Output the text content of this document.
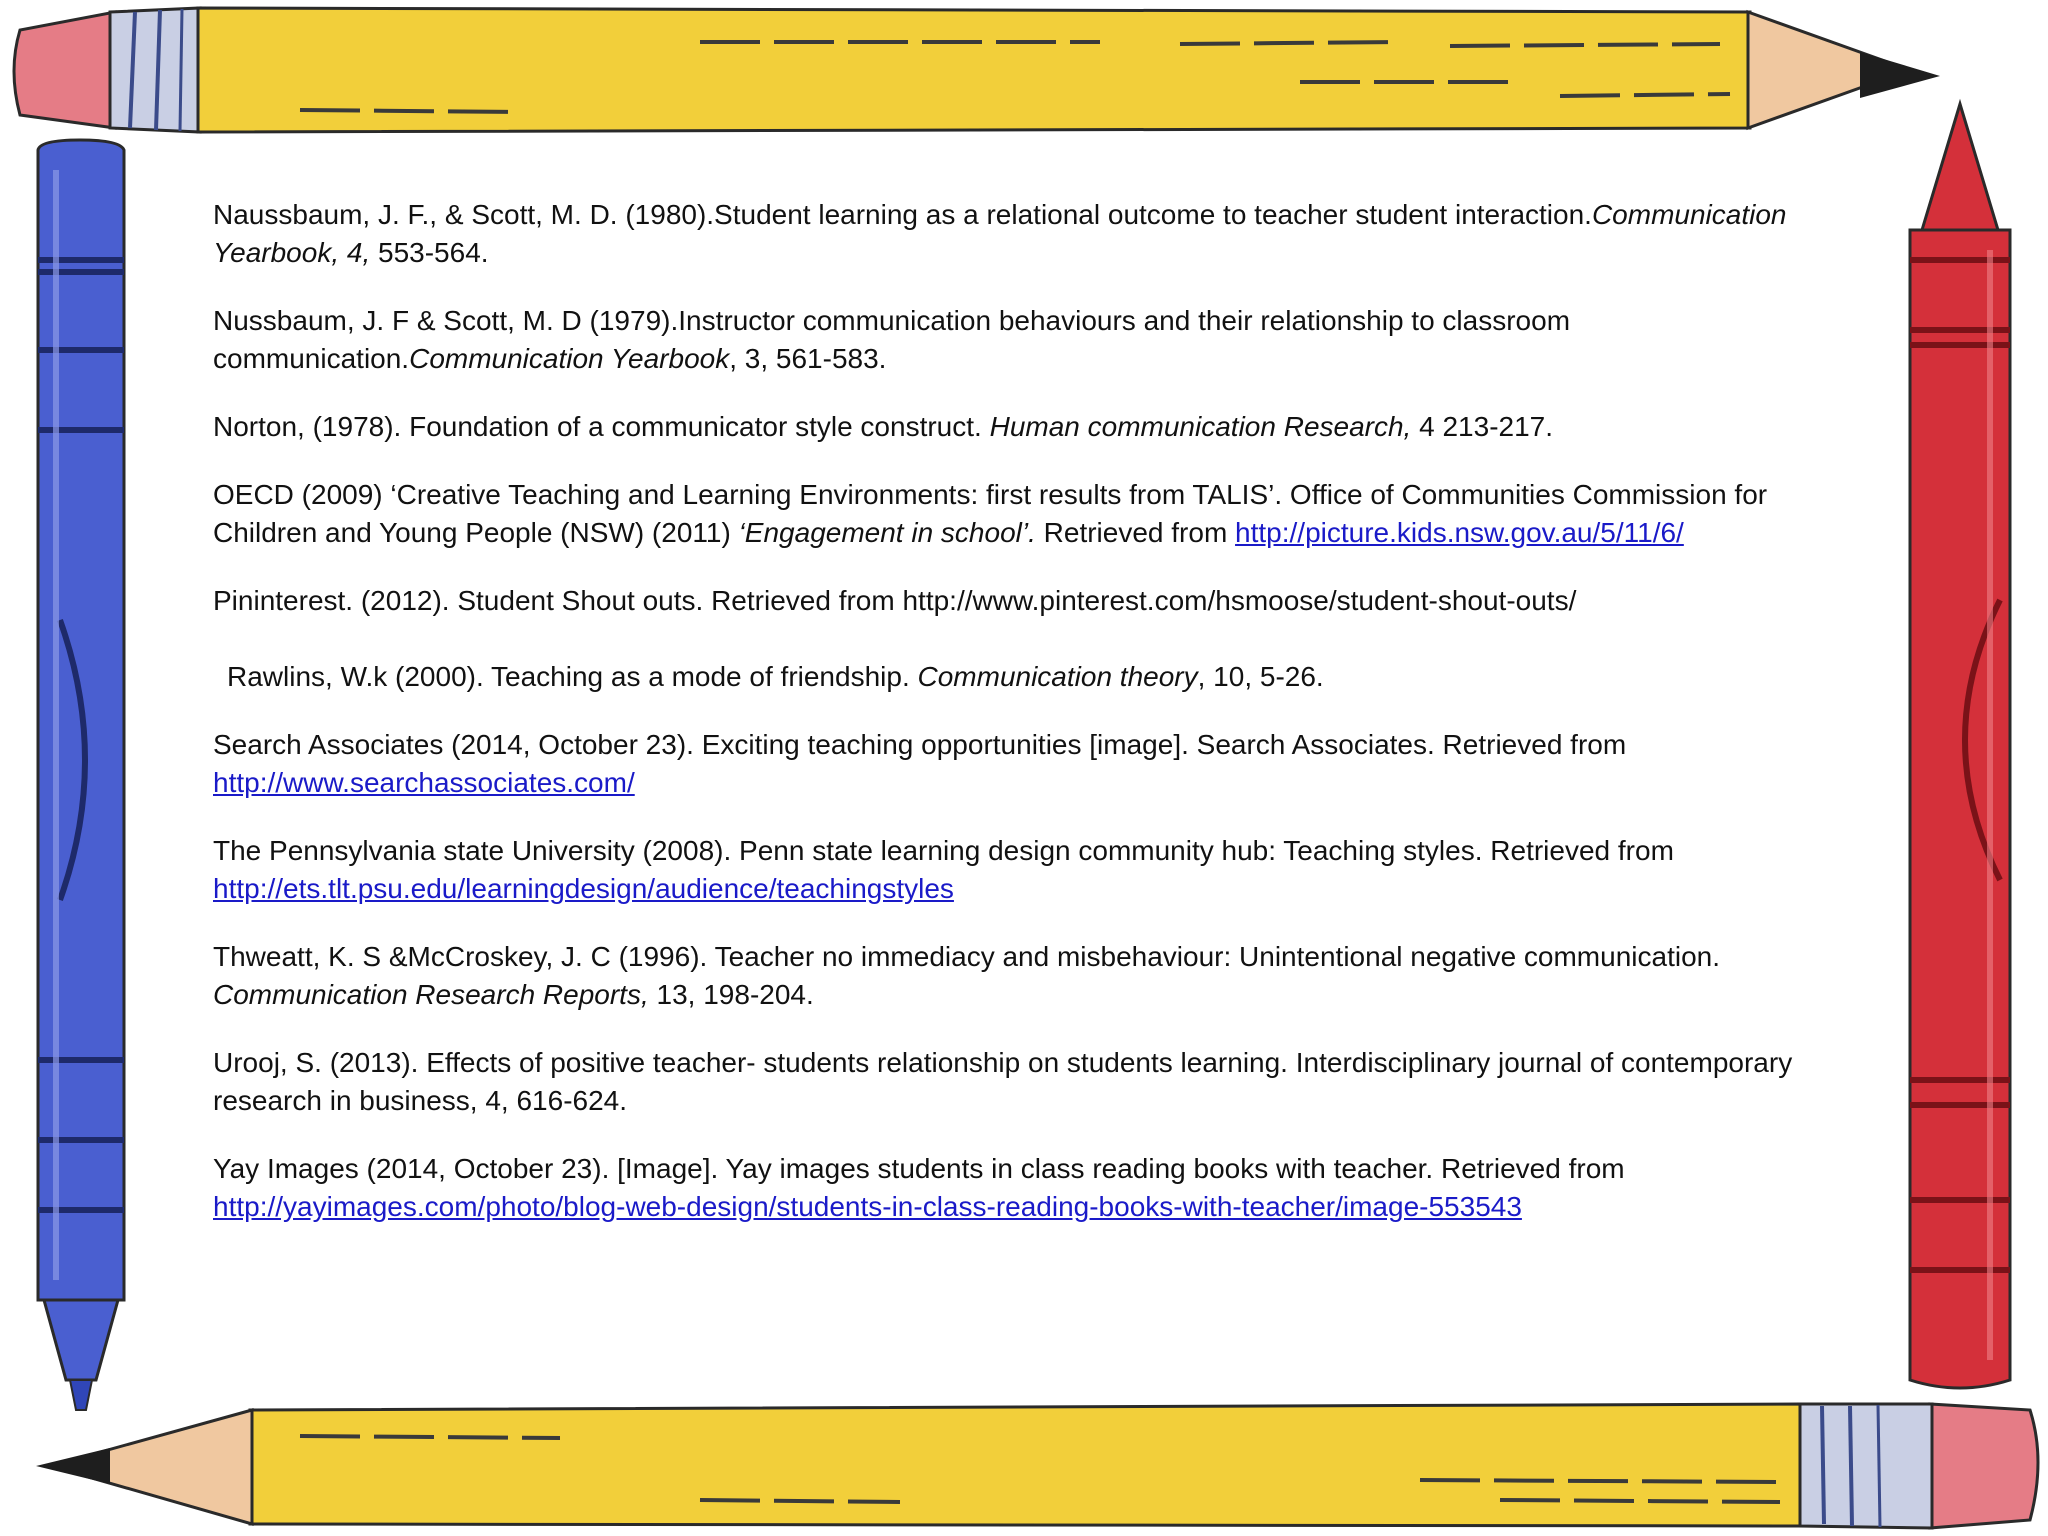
Naussbaum, J. F., & Scott, M. D. (1980).Student learning as a relational outcome to teacher student interaction.Communication Yearbook, 4, 553-564.

Nussbaum, J. F & Scott, M. D (1979).Instructor communication behaviours and their relationship to classroom communication.Communication Yearbook, 3, 561-583.

Norton, (1978). Foundation of a communicator style construct. Human communication Research, 4 213-217.

OECD (2009) ‘Creative Teaching and Learning Environments: first results from TALIS’. Office of Communities Commission for Children and Young People (NSW) (2011) ‘Engagement in school’. Retrieved from http://picture.kids.nsw.gov.au/5/11/6/

Pininterest. (2012). Student Shout outs. Retrieved from http://www.pinterest.com/hsmoose/student-shout-outs/

Rawlins, W.k (2000). Teaching as a mode of friendship. Communication theory, 10, 5-26.

Search Associates (2014, October 23). Exciting teaching opportunities [image]. Search Associates. Retrieved from http://www.searchassociates.com/

The Pennsylvania state University (2008). Penn state learning design community hub: Teaching styles. Retrieved from http://ets.tlt.psu.edu/learningdesign/audience/teachingstyles

Thweatt, K. S &McCroskey, J. C (1996). Teacher no immediacy and misbehaviour: Unintentional negative communication. Communication Research Reports, 13, 198-204.

Urooj, S. (2013). Effects of positive teacher- students relationship on students learning. Interdisciplinary journal of contemporary research in business, 4, 616-624.

Yay Images (2014, October 23). [Image]. Yay images students in class reading books with teacher. Retrieved from http://yayimages.com/photo/blog-web-design/students-in-class-reading-books-with-teacher/image-553543
